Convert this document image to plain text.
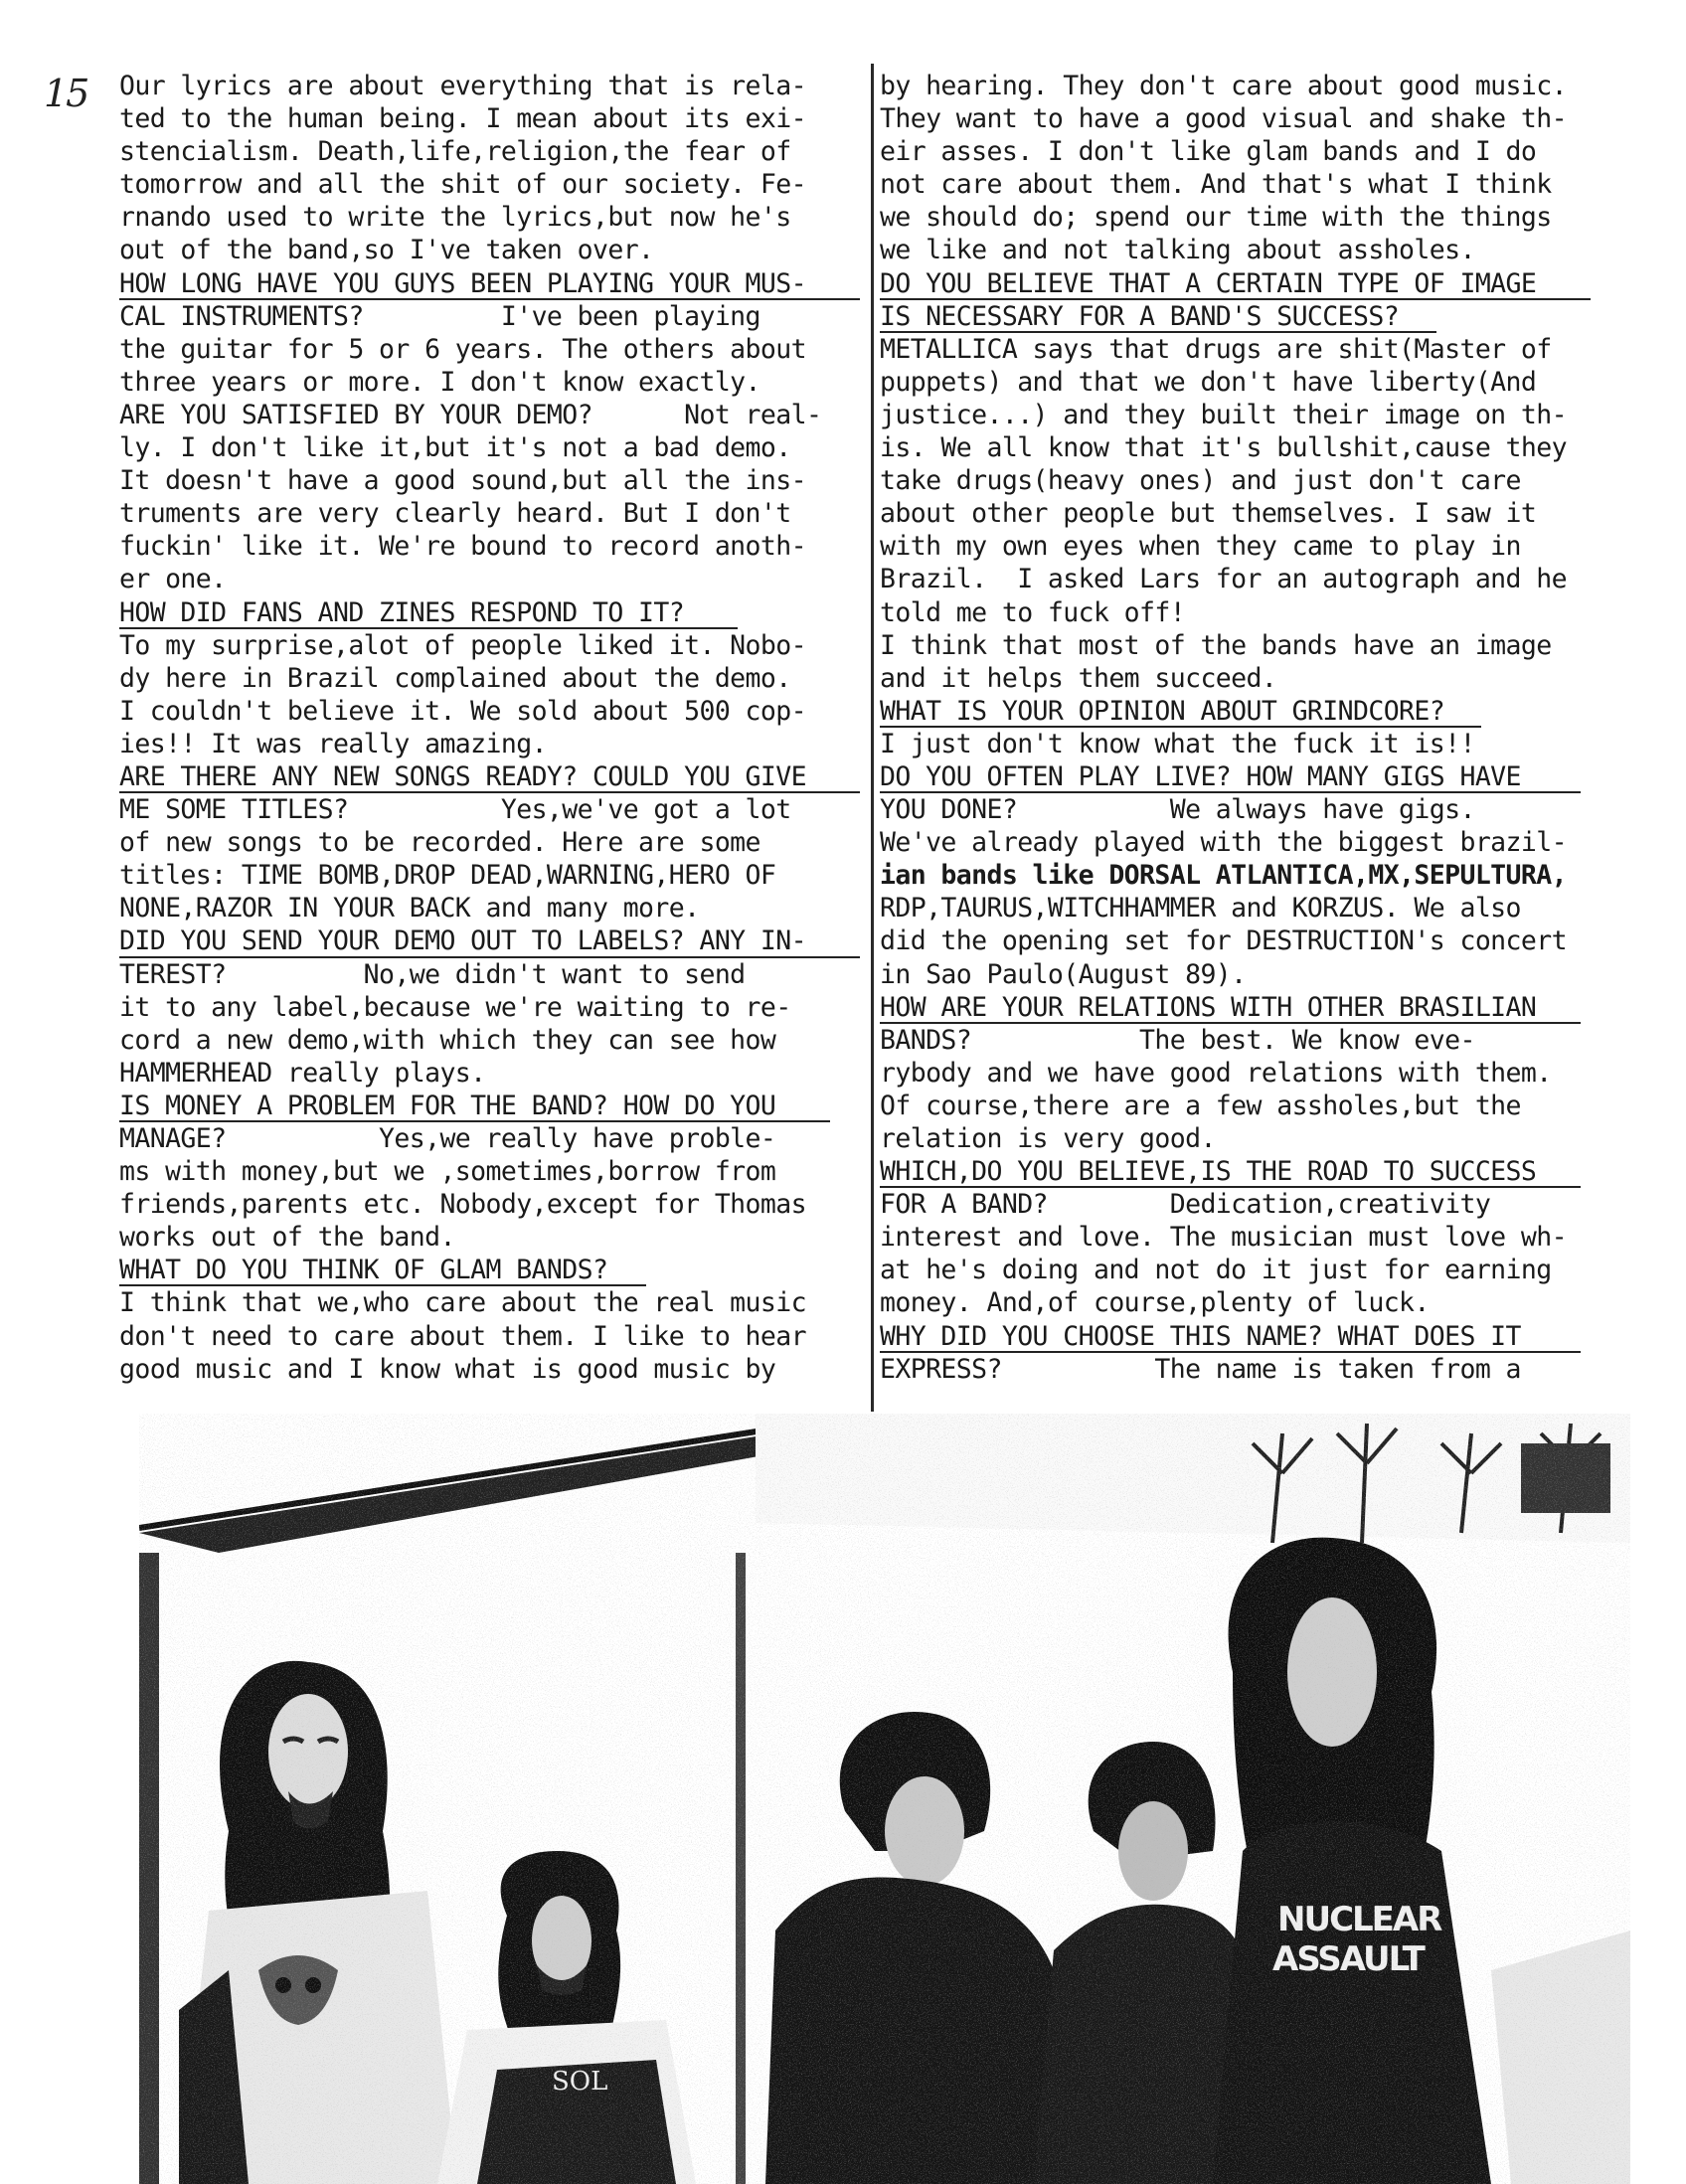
15 Our lyrics are about everything that is rela-
ted to the human being. I mean about its exi-
stencialism. Death,life,religion,the fear of
tomorrow and all the shit of our society. Fe-
rnando used to write the lyrics,but now he's
out of the band,so I've taken over.
HOW LONG HAVE YOU GUYS BEEN PLAYING YOUR MUS-
CAL INSTRUMENTS?         I've been playing
the guitar for 5 or 6 years. The others about
three years or more. I don't know exactly.
ARE YOU SATISFIED BY YOUR DEMO?      Not real-
ly. I don't like it,but it's not a bad demo.
It doesn't have a good sound,but all the ins-
truments are very clearly heard. But I don't
fuckin' like it. We're bound to record anoth-
er one.
HOW DID FANS AND ZINES RESPOND TO IT?
To my surprise,alot of people liked it. Nobo-
dy here in Brazil complained about the demo.
I couldn't believe it. We sold about 500 cop-
ies!! It was really amazing.
ARE THERE ANY NEW SONGS READY? COULD YOU GIVE
ME SOME TITLES?          Yes,we've got a lot
of new songs to be recorded. Here are some
titles: TIME BOMB,DROP DEAD,WARNING,HERO OF
NONE,RAZOR IN YOUR BACK and many more.
DID YOU SEND YOUR DEMO OUT TO LABELS? ANY IN-
TEREST?         No,we didn't want to send
it to any label,because we're waiting to re-
cord a new demo,with which they can see how
HAMMERHEAD really plays.
IS MONEY A PROBLEM FOR THE BAND? HOW DO YOU
MANAGE?          Yes,we really have proble-
ms with money,but we ,sometimes,borrow from
friends,parents etc. Nobody,except for Thomas
works out of the band.
WHAT DO YOU THINK OF GLAM BANDS?
I think that we,who care about the real music
don't need to care about them. I like to hear
good music and I know what is good music by
by hearing. They don't care about good music.
They want to have a good visual and shake th-
eir asses. I don't like glam bands and I do
not care about them. And that's what I think
we should do; spend our time with the things
we like and not talking about assholes.
DO YOU BELIEVE THAT A CERTAIN TYPE OF IMAGE
IS NECESSARY FOR A BAND'S SUCCESS?
METALLICA says that drugs are shit(Master of
puppets) and that we don't have liberty(And
justice...) and they built their image on th-
is. We all know that it's bullshit,cause they
take drugs(heavy ones) and just don't care
about other people but themselves. I saw it
with my own eyes when they came to play in
Brazil.  I asked Lars for an autograph and he
told me to fuck off!
I think that most of the bands have an image
and it helps them succeed.
WHAT IS YOUR OPINION ABOUT GRINDCORE?
I just don't know what the fuck it is!!
DO YOU OFTEN PLAY LIVE? HOW MANY GIGS HAVE
YOU DONE?          We always have gigs.
We've already played with the biggest brazil-
ian bands like DORSAL ATLANTICA,MX,SEPULTURA,
RDP,TAURUS,WITCHHAMMER and KORZUS. We also
did the opening set for DESTRUCTION's concert
in Sao Paulo(August 89).
HOW ARE YOUR RELATIONS WITH OTHER BRASILIAN
BANDS?           The best. We know eve-
rybody and we have good relations with them.
Of course,there are a few assholes,but the
relation is very good.
WHICH,DO YOU BELIEVE,IS THE ROAD TO SUCCESS
FOR A BAND?        Dedication,creativity
interest and love. The musician must love wh-
at he's doing and not do it just for earning
money. And,of course,plenty of luck.
WHY DID YOU CHOOSE THIS NAME? WHAT DOES IT
EXPRESS?          The name is taken from a
SOL
NUCLEAR
ASSAULT
